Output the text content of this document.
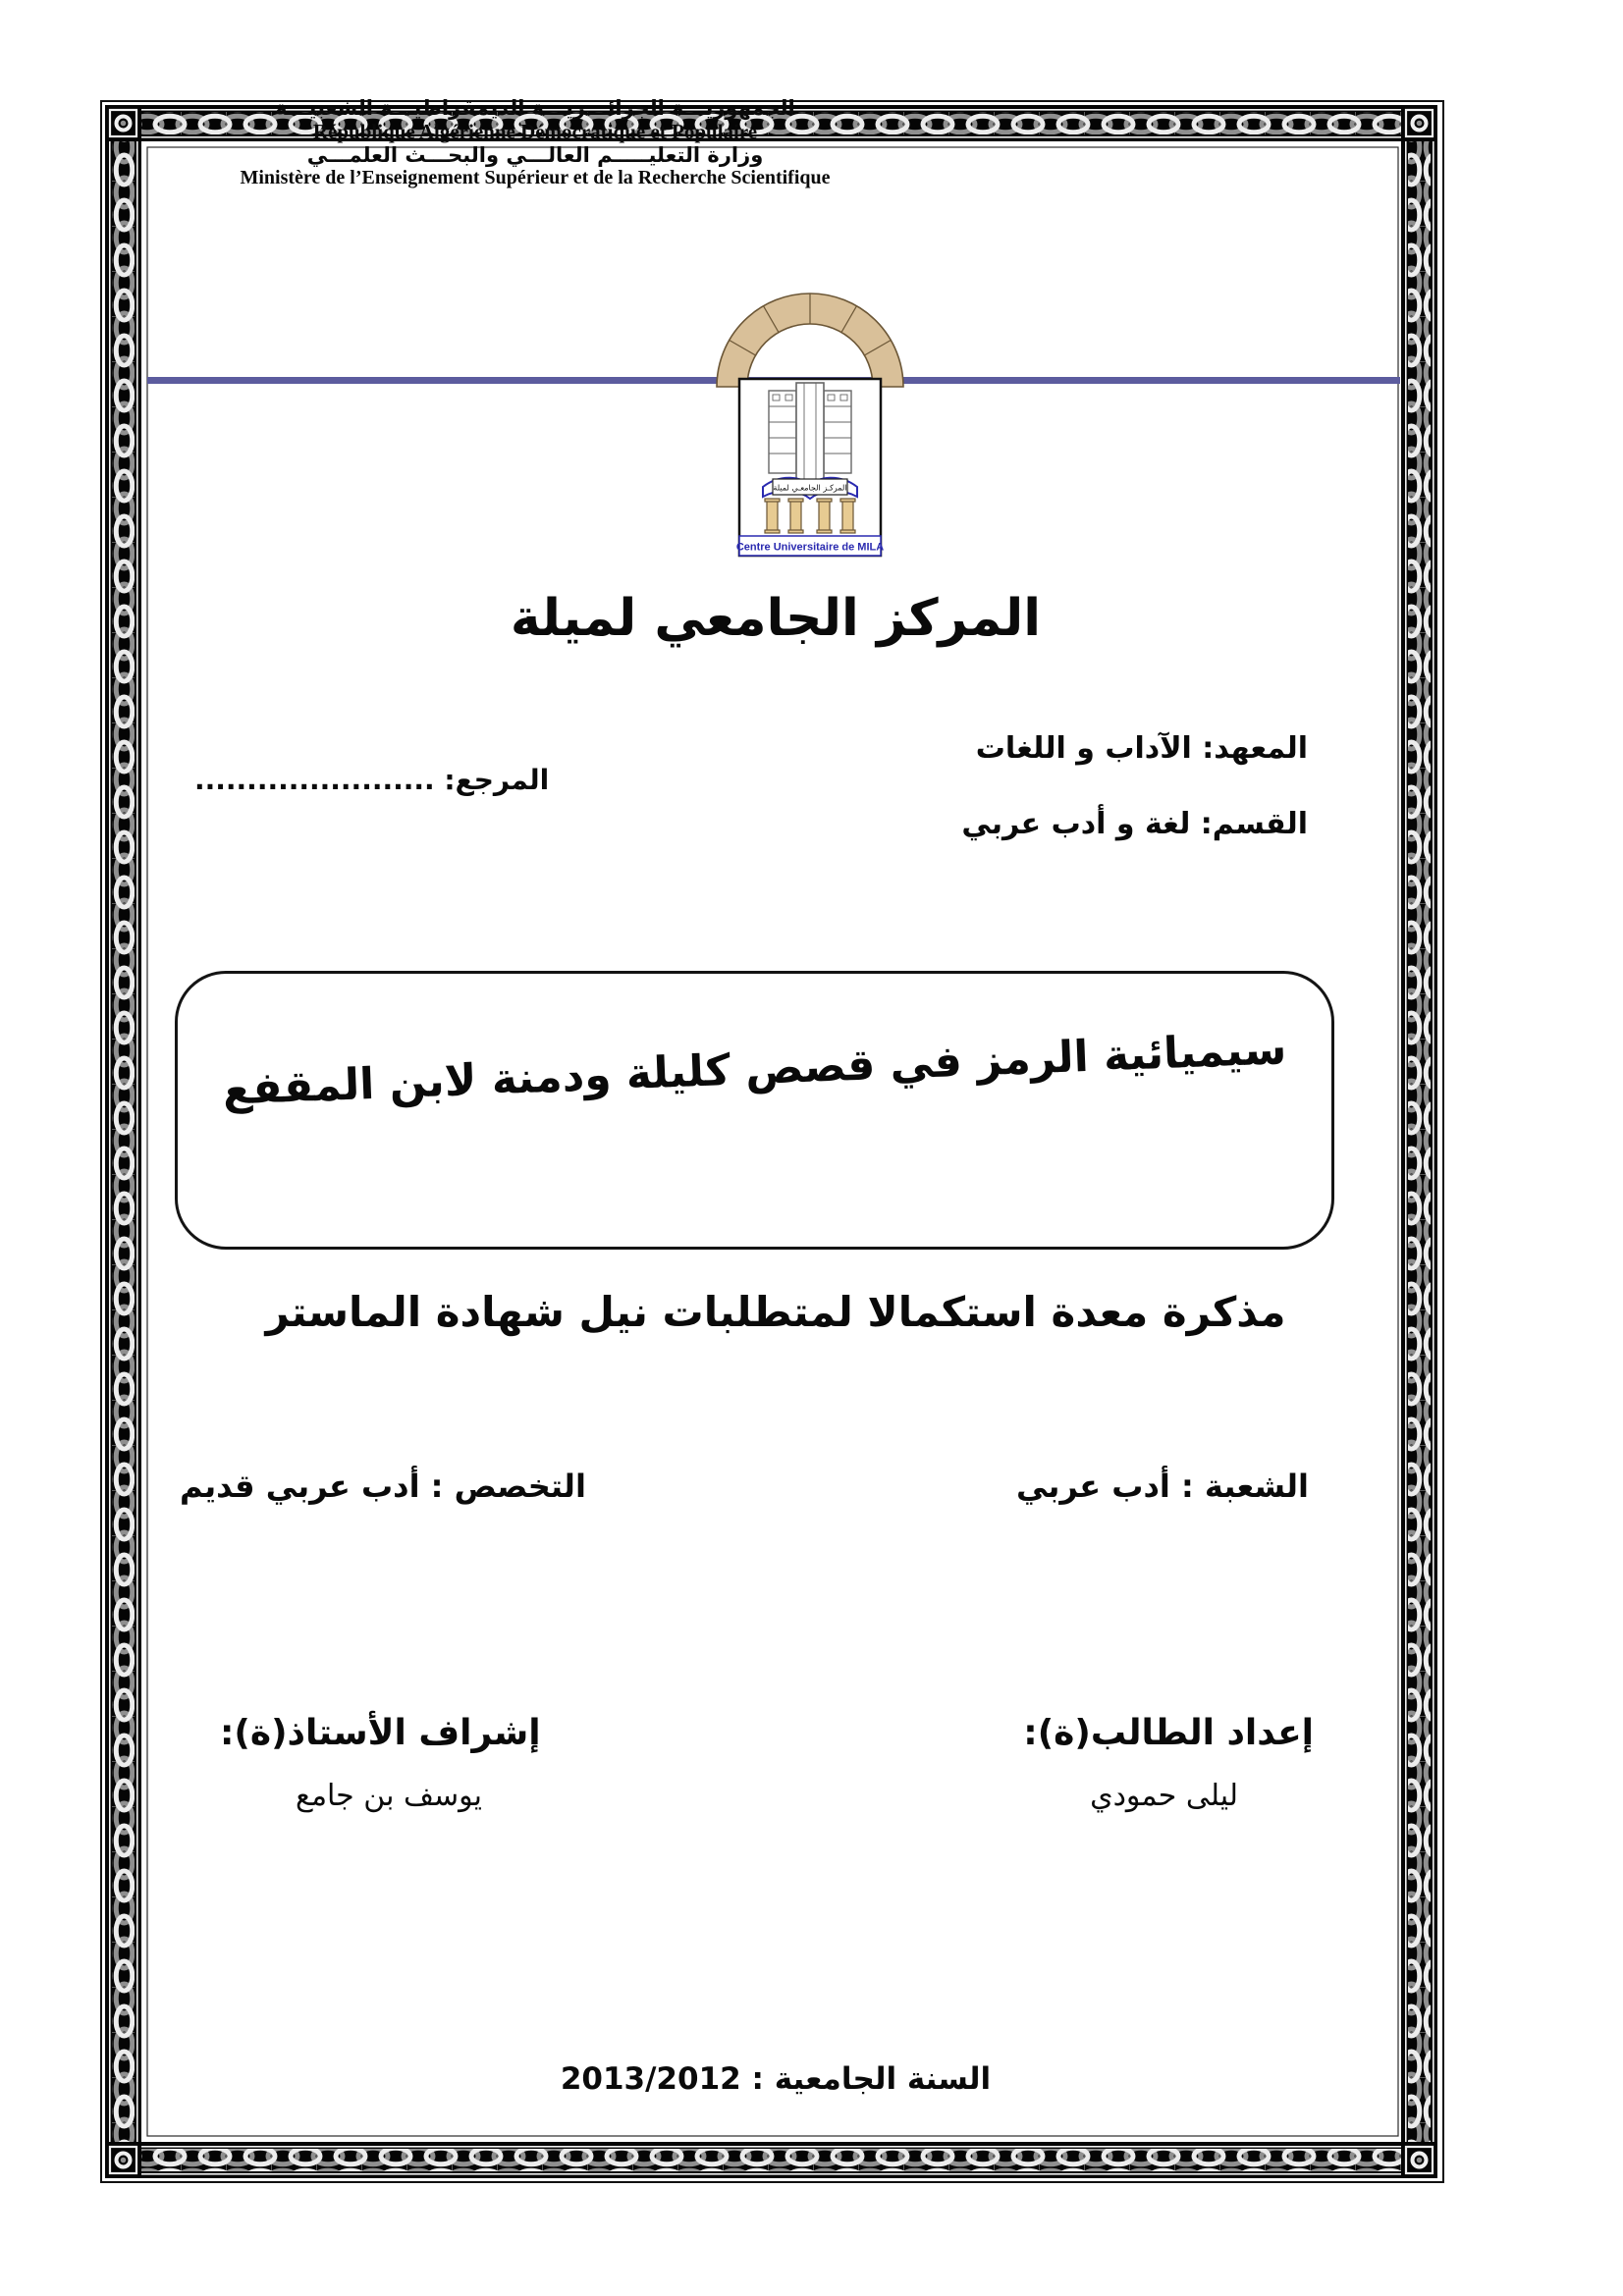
الجمهوريـــة الجزائـــريـــة الديمقراطيـــة الشعبيـــة
République Algérienne Démocratique et Populaire
وزارة التعليـــــم العالـــي والبحـــث العلمـــي
Ministère de l’Enseignement Supérieur et de la Recherche Scientifique
المركـز الجامعـي لميلة
Centre Universitaire de MILA
المركز الجامعي لميلة
المعهد: الآداب و اللغات
القسم: لغة و أدب عربي
المرجع: .......................
سيميائية الرمز في قصص كليلة ودمنة لابن المقفع
مذكرة معدة استكمالا لمتطلبات نيل شهادة الماستر
الشعبة : أدب عربي
التخصص : أدب عربي قديم
إعداد الطالب(ة):
ليلى حمودي
إشراف الأستاذ(ة):
يوسف بن جامع
السنة الجامعية : 2013/2012
